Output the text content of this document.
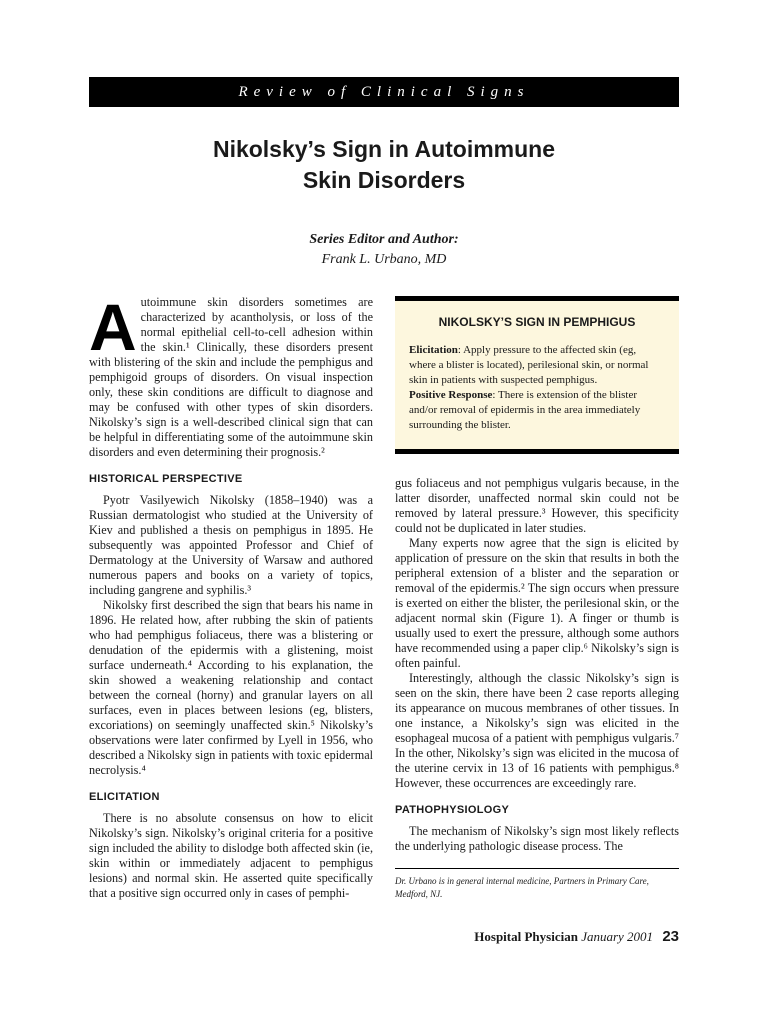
Review of Clinical Signs
Nikolsky’s Sign in Autoimmune
Skin Disorders
Series Editor and Author:
Frank L. Urbano, MD
A utoimmune skin disorders sometimes are characterized by acantholysis, or loss of the normal epithelial cell-to-cell adhesion within the skin.¹ Clinically, these disorders present with blistering of the skin and include the pemphigus and pemphigoid groups of disorders. On visual inspection only, these skin conditions are difficult to diagnose and may be confused with other types of skin disorders. Nikolsky’s sign is a well-described clinical sign that can be helpful in differentiating some of the autoimmune skin disorders and even determining their prognosis.²

HISTORICAL PERSPECTIVE

Pyotr Vasilyewich Nikolsky (1858–1940) was a Russian dermatologist who studied at the University of Kiev and published a thesis on pemphigus in 1895. He subsequently was appointed Professor and Chief of Dermatology at the University of Warsaw and authored numerous papers and books on a variety of topics, including gangrene and syphilis.³

Nikolsky first described the sign that bears his name in 1896. He related how, after rubbing the skin of patients who had pemphigus foliaceus, there was a blistering or denudation of the epidermis with a glistening, moist surface underneath.⁴ According to his explanation, the skin showed a weakening relationship and contact between the corneal (horny) and granular layers on all surfaces, even in places between lesions (eg, blisters, excoriations) on seemingly unaffected skin.⁵ Nikolsky’s observations were later confirmed by Lyell in 1956, who described a Nikolsky sign in patients with toxic epidermal necrolysis.⁴

ELICITATION

There is no absolute consensus on how to elicit Nikolsky’s sign. Nikolsky’s original criteria for a positive sign included the ability to dislodge both affected skin (ie, skin within or immediately adjacent to pemphigus lesions) and normal skin. He asserted quite specifically that a positive sign occurred only in cases of pemphi-

NIKOLSKY’S SIGN IN PEMPHIGUS

Elicitation: Apply pressure to the affected skin (eg, where a blister is located), perilesional skin, or normal skin in patients with suspected pemphigus.

Positive Response: There is extension of the blister and/or removal of epidermis in the area immediately surrounding the blister.

gus foliaceus and not pemphigus vulgaris because, in the latter disorder, unaffected normal skin could not be removed by lateral pressure.³ However, this specificity could not be duplicated in later studies.

Many experts now agree that the sign is elicited by application of pressure on the skin that results in both the peripheral extension of a blister and the separation or removal of the epidermis.² The sign occurs when pressure is exerted on either the blister, the perilesional skin, or the adjacent normal skin (Figure 1). A finger or thumb is usually used to exert the pressure, although some authors have recommended using a paper clip.⁶ Nikolsky’s sign is often painful.

Interestingly, although the classic Nikolsky’s sign is seen on the skin, there have been 2 case reports alleging its appearance on mucous membranes of other tissues. In one instance, a Nikolsky’s sign was elicited in the esophageal mucosa of a patient with pemphigus vulgaris.⁷ In the other, Nikolsky’s sign was elicited in the mucosa of the uterine cervix in 13 of 16 patients with pemphigus.⁸ However, these occurrences are exceedingly rare.

PATHOPHYSIOLOGY

The mechanism of Nikolsky’s sign most likely reflects the underlying pathologic disease process. The

Dr. Urbano is in general internal medicine, Partners in Primary Care, Medford, NJ.
Hospital Physician January 2001 23
